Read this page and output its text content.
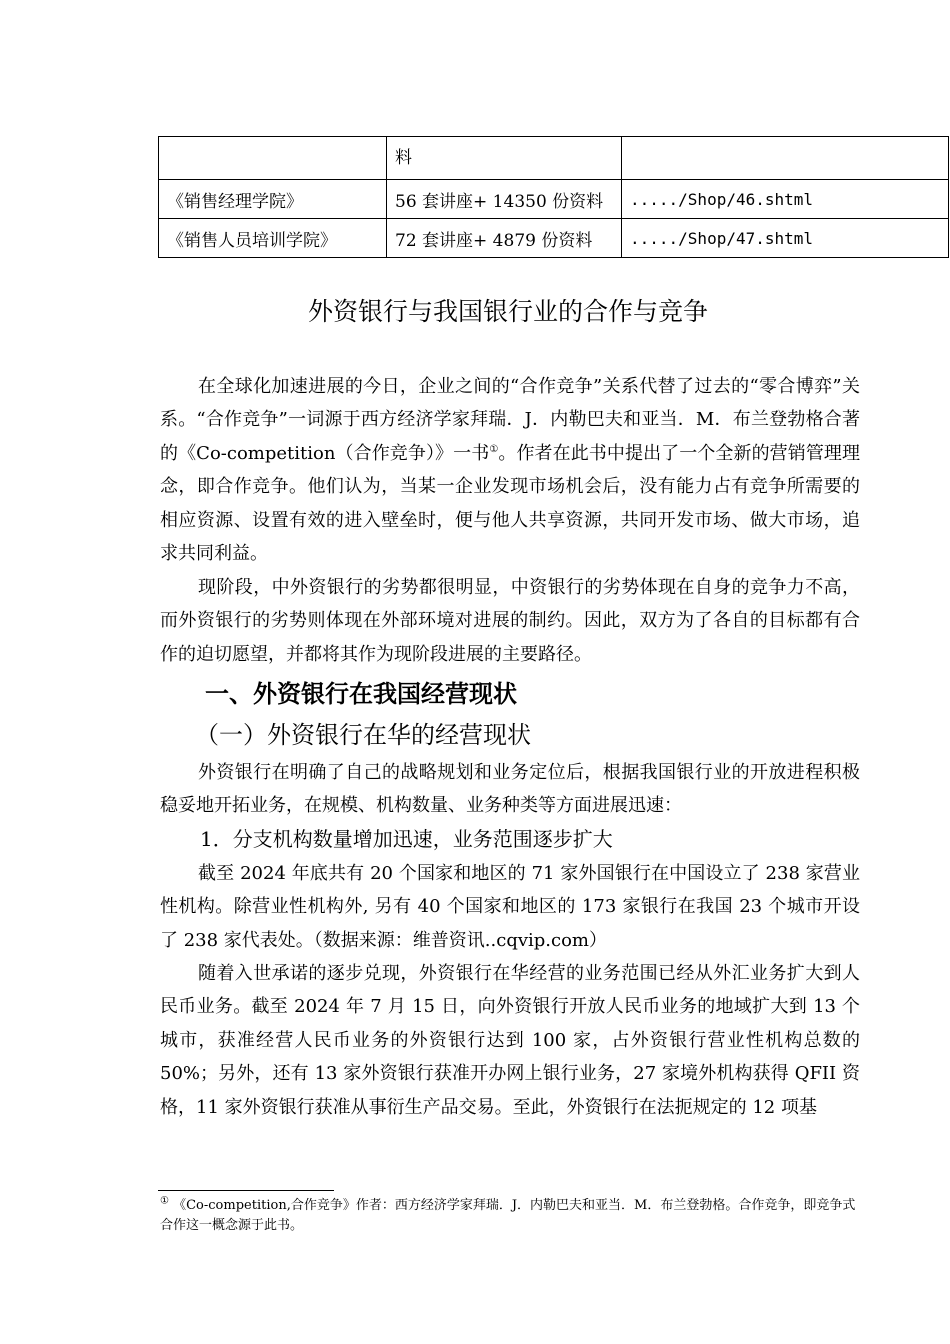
	料	
《销售经理学院》	56 套讲座+ 14350 份资料	...../Shop/46.shtml
《销售人员培训学院》	72 套讲座+ 4879 份资料	...../Shop/47.shtml
外资银行与我国银行业的合作与竞争

在全球化加速进展的今日，企业之间的“合作竞争”关系代替了过去的“零合博弈”关系。“合作竞争”一词源于西方经济学家拜瑞．J．内勒巴夫和亚当．M．布兰登勃格合著的《Co-competition（合作竞争）》一书①。作者在此书中提出了一个全新的营销管理理念，即合作竞争。他们认为，当某一企业发现市场机会后，没有能力占有竞争所需要的相应资源、设置有效的进入壁垒时，便与他人共享资源，共同开发市场、做大市场，追求共同利益。

现阶段，中外资银行的劣势都很明显，中资银行的劣势体现在自身的竞争力不高，而外资银行的劣势则体现在外部环境对进展的制约。因此，双方为了各自的目标都有合作的迫切愿望，并都将其作为现阶段进展的主要路径。

一、外资银行在我国经营现状
（一）外资银行在华的经营现状

外资银行在明确了自己的战略规划和业务定位后，根据我国银行业的开放进程积极稳妥地开拓业务，在规模、机构数量、业务种类等方面进展迅速：

1．分支机构数量增加迅速，业务范围逐步扩大

截至 2024 年底共有 20 个国家和地区的 71 家外国银行在中国设立了 238 家营业性机构。除营业性机构外, 另有 40 个国家和地区的 173 家银行在我国 23 个城市开设了 238 家代表处。（数据来源：维普资讯..cqvip.com）

随着入世承诺的逐步兑现，外资银行在华经营的业务范围已经从外汇业务扩大到人民币业务。截至 2024 年 7 月 15 日，向外资银行开放人民币业务的地域扩大到 13 个城市，获准经营人民币业务的外资银行达到 100 家，占外资银行营业性机构总数的 50%；另外，还有 13 家外资银行获准开办网上银行业务，27 家境外机构获得 QFII 资格，11 家外资银行获准从事衍生产品交易。至此，外资银行在法扼规定的 12 项基

① 《Co-competition,合作竞争》作者：西方经济学家拜瑞．J．内勒巴夫和亚当．M．布兰登勃格。合作竞争，即竞争式合作这一概念源于此书。
